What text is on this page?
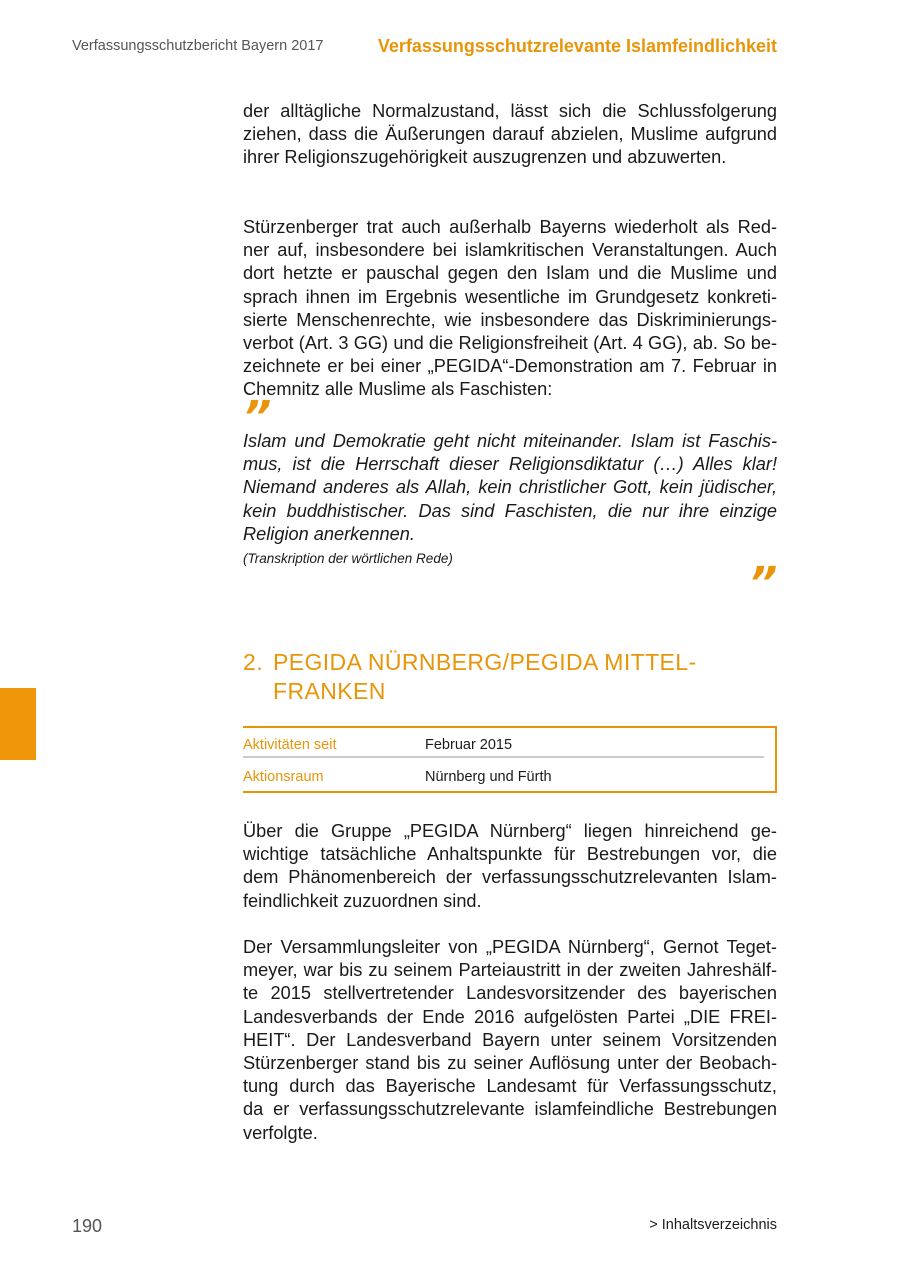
Verfassungsschutzbericht Bayern 2017	Verfassungsschutzrelevante Islamfeindlichkeit
der alltägliche Normalzustand, lässt sich die Schlussfolgerung
ziehen, dass die Äußerungen darauf abzielen, Muslime aufgrund
ihrer Religionszugehörigkeit auszugrenzen und abzuwerten.
Stürzenberger trat auch außerhalb Bayerns wiederholt als Red-
ner auf, insbesondere bei islamkritischen Veranstaltungen. Auch
dort hetzte er pauschal gegen den Islam und die Muslime und
sprach ihnen im Ergebnis wesentliche im Grundgesetz konkreti-
sierte Menschenrechte, wie insbesondere das Diskriminierungs-
verbot (Art. 3 GG) und die Religionsfreiheit (Art. 4 GG), ab. So be-
zeichnete er bei einer „PEGIDA“-Demonstration am 7. Februar in
Chemnitz alle Muslime als Faschisten:
”
Islam und Demokratie geht nicht miteinander. Islam ist Faschis-
mus, ist die Herrschaft dieser Religionsdiktatur (…) Alles klar!
Niemand anderes als Allah, kein christlicher Gott, kein jüdischer,
kein buddhistischer. Das sind Faschisten, die nur ihre einzige
Religion anerkennen.
(Transkription der wörtlichen Rede)	”
2. PEGIDA NÜRNBERG/PEGIDA MITTEL-
FRANKEN
Aktivitäten seit	Februar 2015
Aktionsraum	Nürnberg und Fürth
Über die Gruppe „PEGIDA Nürnberg“ liegen hinreichend ge-
wichtige tatsächliche Anhaltspunkte für Bestrebungen vor, die
dem Phänomenbereich der verfassungsschutzrelevanten Islam-
feindlichkeit zuzuordnen sind.
Der Versammlungsleiter von „PEGIDA Nürnberg“, Gernot Teget-
meyer, war bis zu seinem Parteiaustritt in der zweiten Jahreshälf-
te 2015 stellvertretender Landesvorsitzender des bayerischen
Landesverbands der Ende 2016 aufgelösten Partei „DIE FREI-
HEIT“. Der Landesverband Bayern unter seinem Vorsitzenden
Stürzenberger stand bis zu seiner Auflösung unter der Beobach-
tung durch das Bayerische Landesamt für Verfassungsschutz,
da er verfassungsschutzrelevante islamfeindliche Bestrebungen
verfolgte.
190	> Inhaltsverzeichnis
